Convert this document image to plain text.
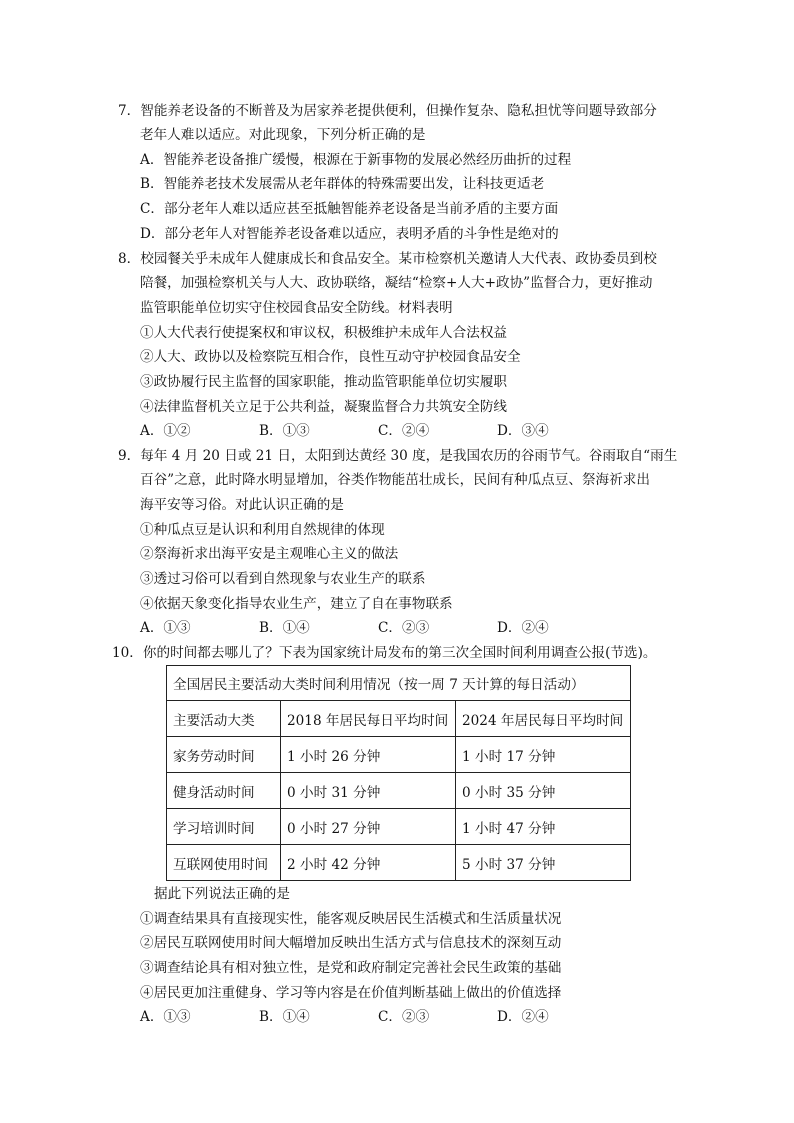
7．智能养老设备的不断普及为居家养老提供便利，但操作复杂、隐私担忧等问题导致部分
老年人难以适应。对此现象，下列分析正确的是
A．智能养老设备推广缓慢，根源在于新事物的发展必然经历曲折的过程
B．智能养老技术发展需从老年群体的特殊需要出发，让科技更适老
C．部分老年人难以适应甚至抵触智能养老设备是当前矛盾的主要方面
D．部分老年人对智能养老设备难以适应，表明矛盾的斗争性是绝对的
8．校园餐关乎未成年人健康成长和食品安全。某市检察机关邀请人大代表、政协委员到校
陪餐，加强检察机关与人大、政协联络，凝结“检察+人大+政协”监督合力，更好推动
监管职能单位切实守住校园食品安全防线。材料表明
①人大代表行使提案权和审议权，积极维护未成年人合法权益
②人大、政协以及检察院互相合作，良性互动守护校园食品安全
③政协履行民主监督的国家职能，推动监管职能单位切实履职
④法律监督机关立足于公共利益，凝聚监督合力共筑安全防线
A．①②	B．①③	C．②④	D．③④
9．每年 4 月 20 日或 21 日，太阳到达黄经 30 度，是我国农历的谷雨节气。谷雨取自“雨生
百谷”之意，此时降水明显增加，谷类作物能茁壮成长，民间有种瓜点豆、祭海祈求出
海平安等习俗。对此认识正确的是
①种瓜点豆是认识和利用自然规律的体现
②祭海祈求出海平安是主观唯心主义的做法
③透过习俗可以看到自然现象与农业生产的联系
④依据天象变化指导农业生产，建立了自在事物联系
A．①③	B．①④	C．②③	D．②④
10．你的时间都去哪儿了？下表为国家统计局发布的第三次全国时间利用调查公报(节选)。
全国居民主要活动大类时间利用情况（按一周 7 天计算的每日活动）		
主要活动大类	2018 年居民每日平均时间	2024 年居民每日平均时间
家务劳动时间	1 小时 26 分钟	1 小时 17 分钟
健身活动时间	0 小时 31 分钟	0 小时 35 分钟
学习培训时间	0 小时 27 分钟	1 小时 47 分钟
互联网使用时间	2 小时 42 分钟	5 小时 37 分钟
据此下列说法正确的是
①调查结果具有直接现实性，能客观反映居民生活模式和生活质量状况
②居民互联网使用时间大幅增加反映出生活方式与信息技术的深刻互动
③调查结论具有相对独立性，是党和政府制定完善社会民生政策的基础
④居民更加注重健身、学习等内容是在价值判断基础上做出的价值选择
A．①③	B．①④	C．②③	D．②④
